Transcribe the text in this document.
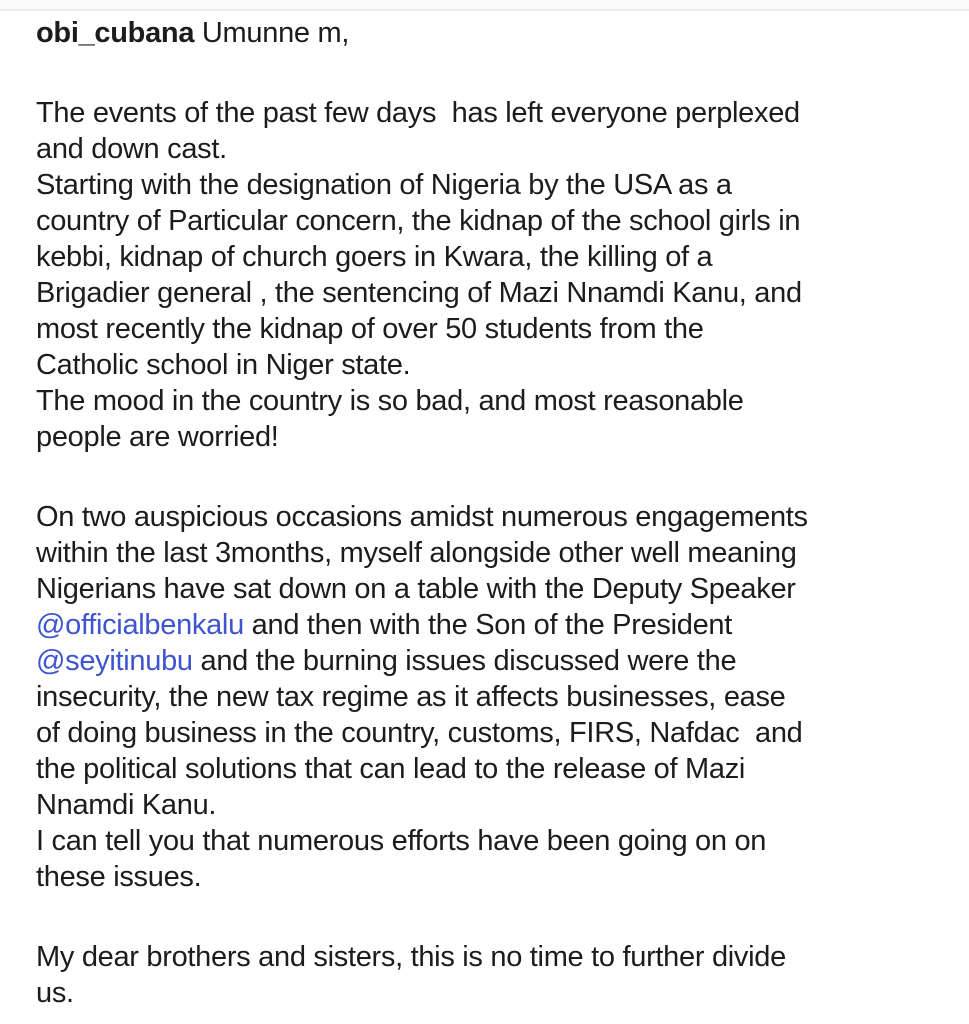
obi_cubana Umunne m,
The events of the past few days  has left everyone perplexed
and down cast.
Starting with the designation of Nigeria by the USA as a
country of Particular concern, the kidnap of the school girls in
kebbi, kidnap of church goers in Kwara, the killing of a
Brigadier general , the sentencing of Mazi Nnamdi Kanu, and
most recently the kidnap of over 50 students from the
Catholic school in Niger state.
The mood in the country is so bad, and most reasonable
people are worried!
On two auspicious occasions amidst numerous engagements
within the last 3months, myself alongside other well meaning
Nigerians have sat down on a table with the Deputy Speaker
@officialbenkalu and then with the Son of the President
@seyitinubu and the burning issues discussed were the
insecurity, the new tax regime as it affects businesses, ease
of doing business in the country, customs, FIRS, Nafdac  and
the political solutions that can lead to the release of Mazi
Nnamdi Kanu.
I can tell you that numerous efforts have been going on on
these issues.
My dear brothers and sisters, this is no time to further divide
us.
